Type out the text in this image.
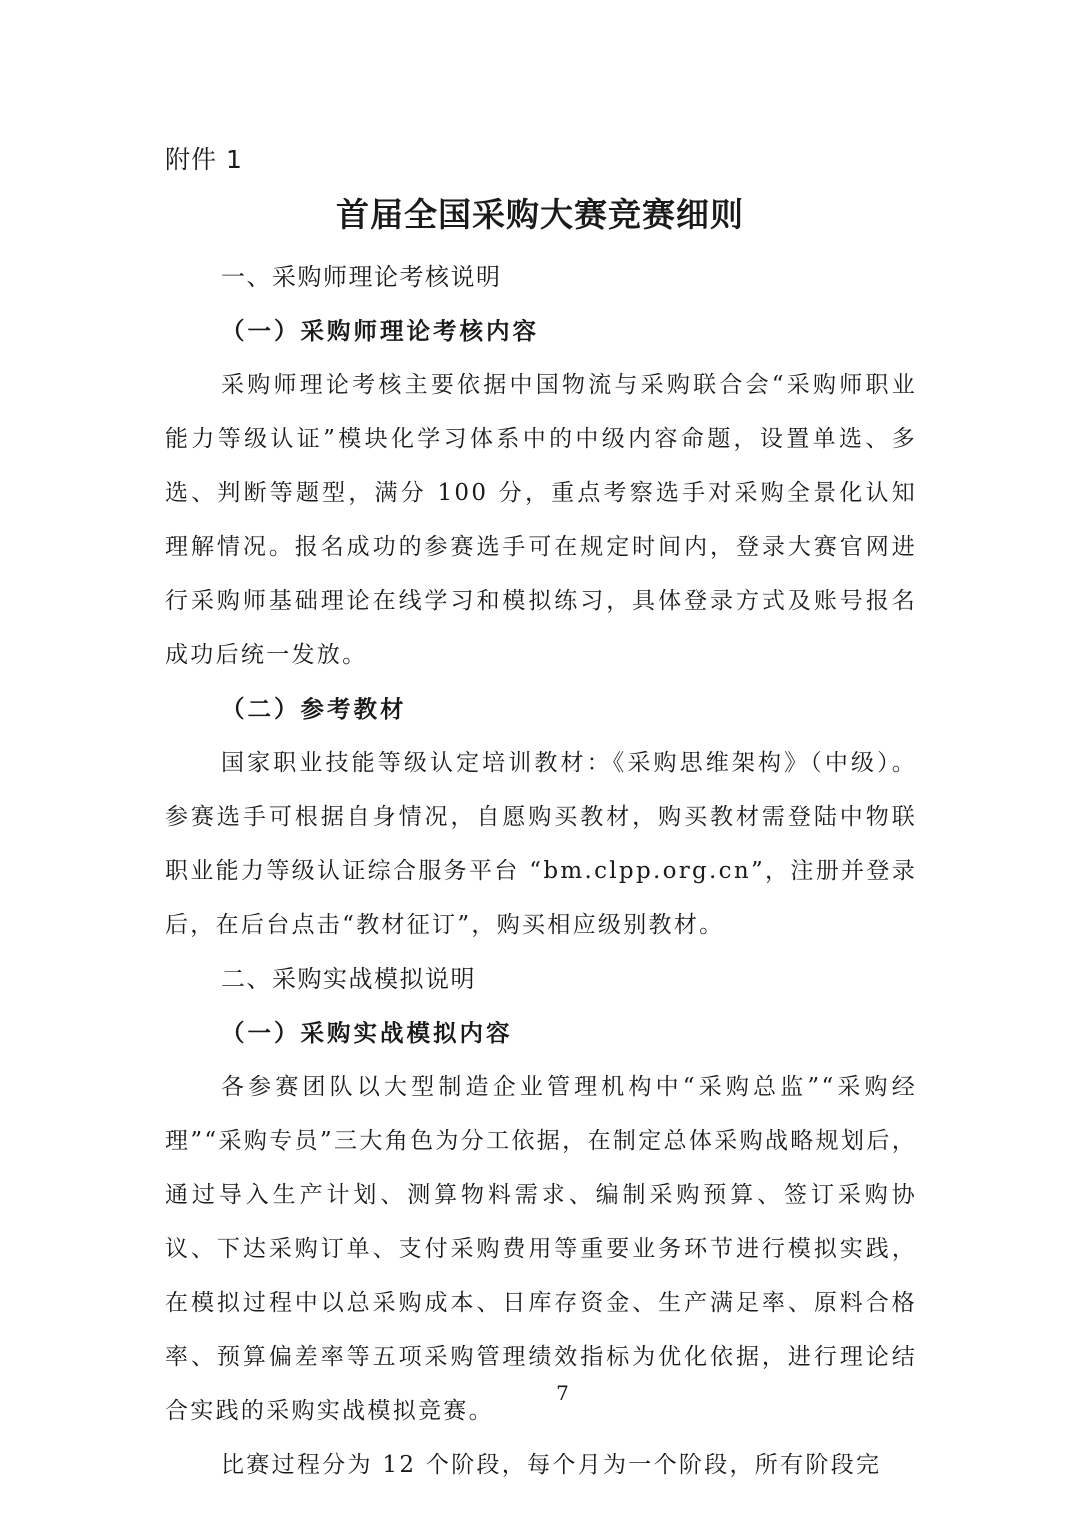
附件 1
首届全国采购大赛竞赛细则
一、采购师理论考核说明
（一）采购师理论考核内容

采购师理论考核主要依据中国物流与采购联合会“采购师职业能力等级认证”模块化学习体系中的中级内容命题，设置单选、多选、判断等题型，满分 100 分，重点考察选手对采购全景化认知理解情况。报名成功的参赛选手可在规定时间内，登录大赛官网进行采购师基础理论在线学习和模拟练习，具体登录方式及账号报名成功后统一发放。

（二）参考教材

国家职业技能等级认定培训教材：《采购思维架构》（中级）。参赛选手可根据自身情况，自愿购买教材，购买教材需登陆中物联职业能力等级认证综合服务平台 “bm.clpp.org.cn”，注册并登录后，在后台点击“教材征订”，购买相应级别教材。

二、采购实战模拟说明
（一）采购实战模拟内容

各参赛团队以大型制造企业管理机构中“采购总监”“采购经理”“采购专员”三大角色为分工依据，在制定总体采购战略规划后，通过导入生产计划、测算物料需求、编制采购预算、签订采购协议、下达采购订单、支付采购费用等重要业务环节进行模拟实践，在模拟过程中以总采购成本、日库存资金、生产满足率、原料合格率、预算偏差率等五项采购管理绩效指标为优化依据，进行理论结合实践的采购实战模拟竞赛。

比赛过程分为 12 个阶段，每个月为一个阶段，所有阶段完

7
